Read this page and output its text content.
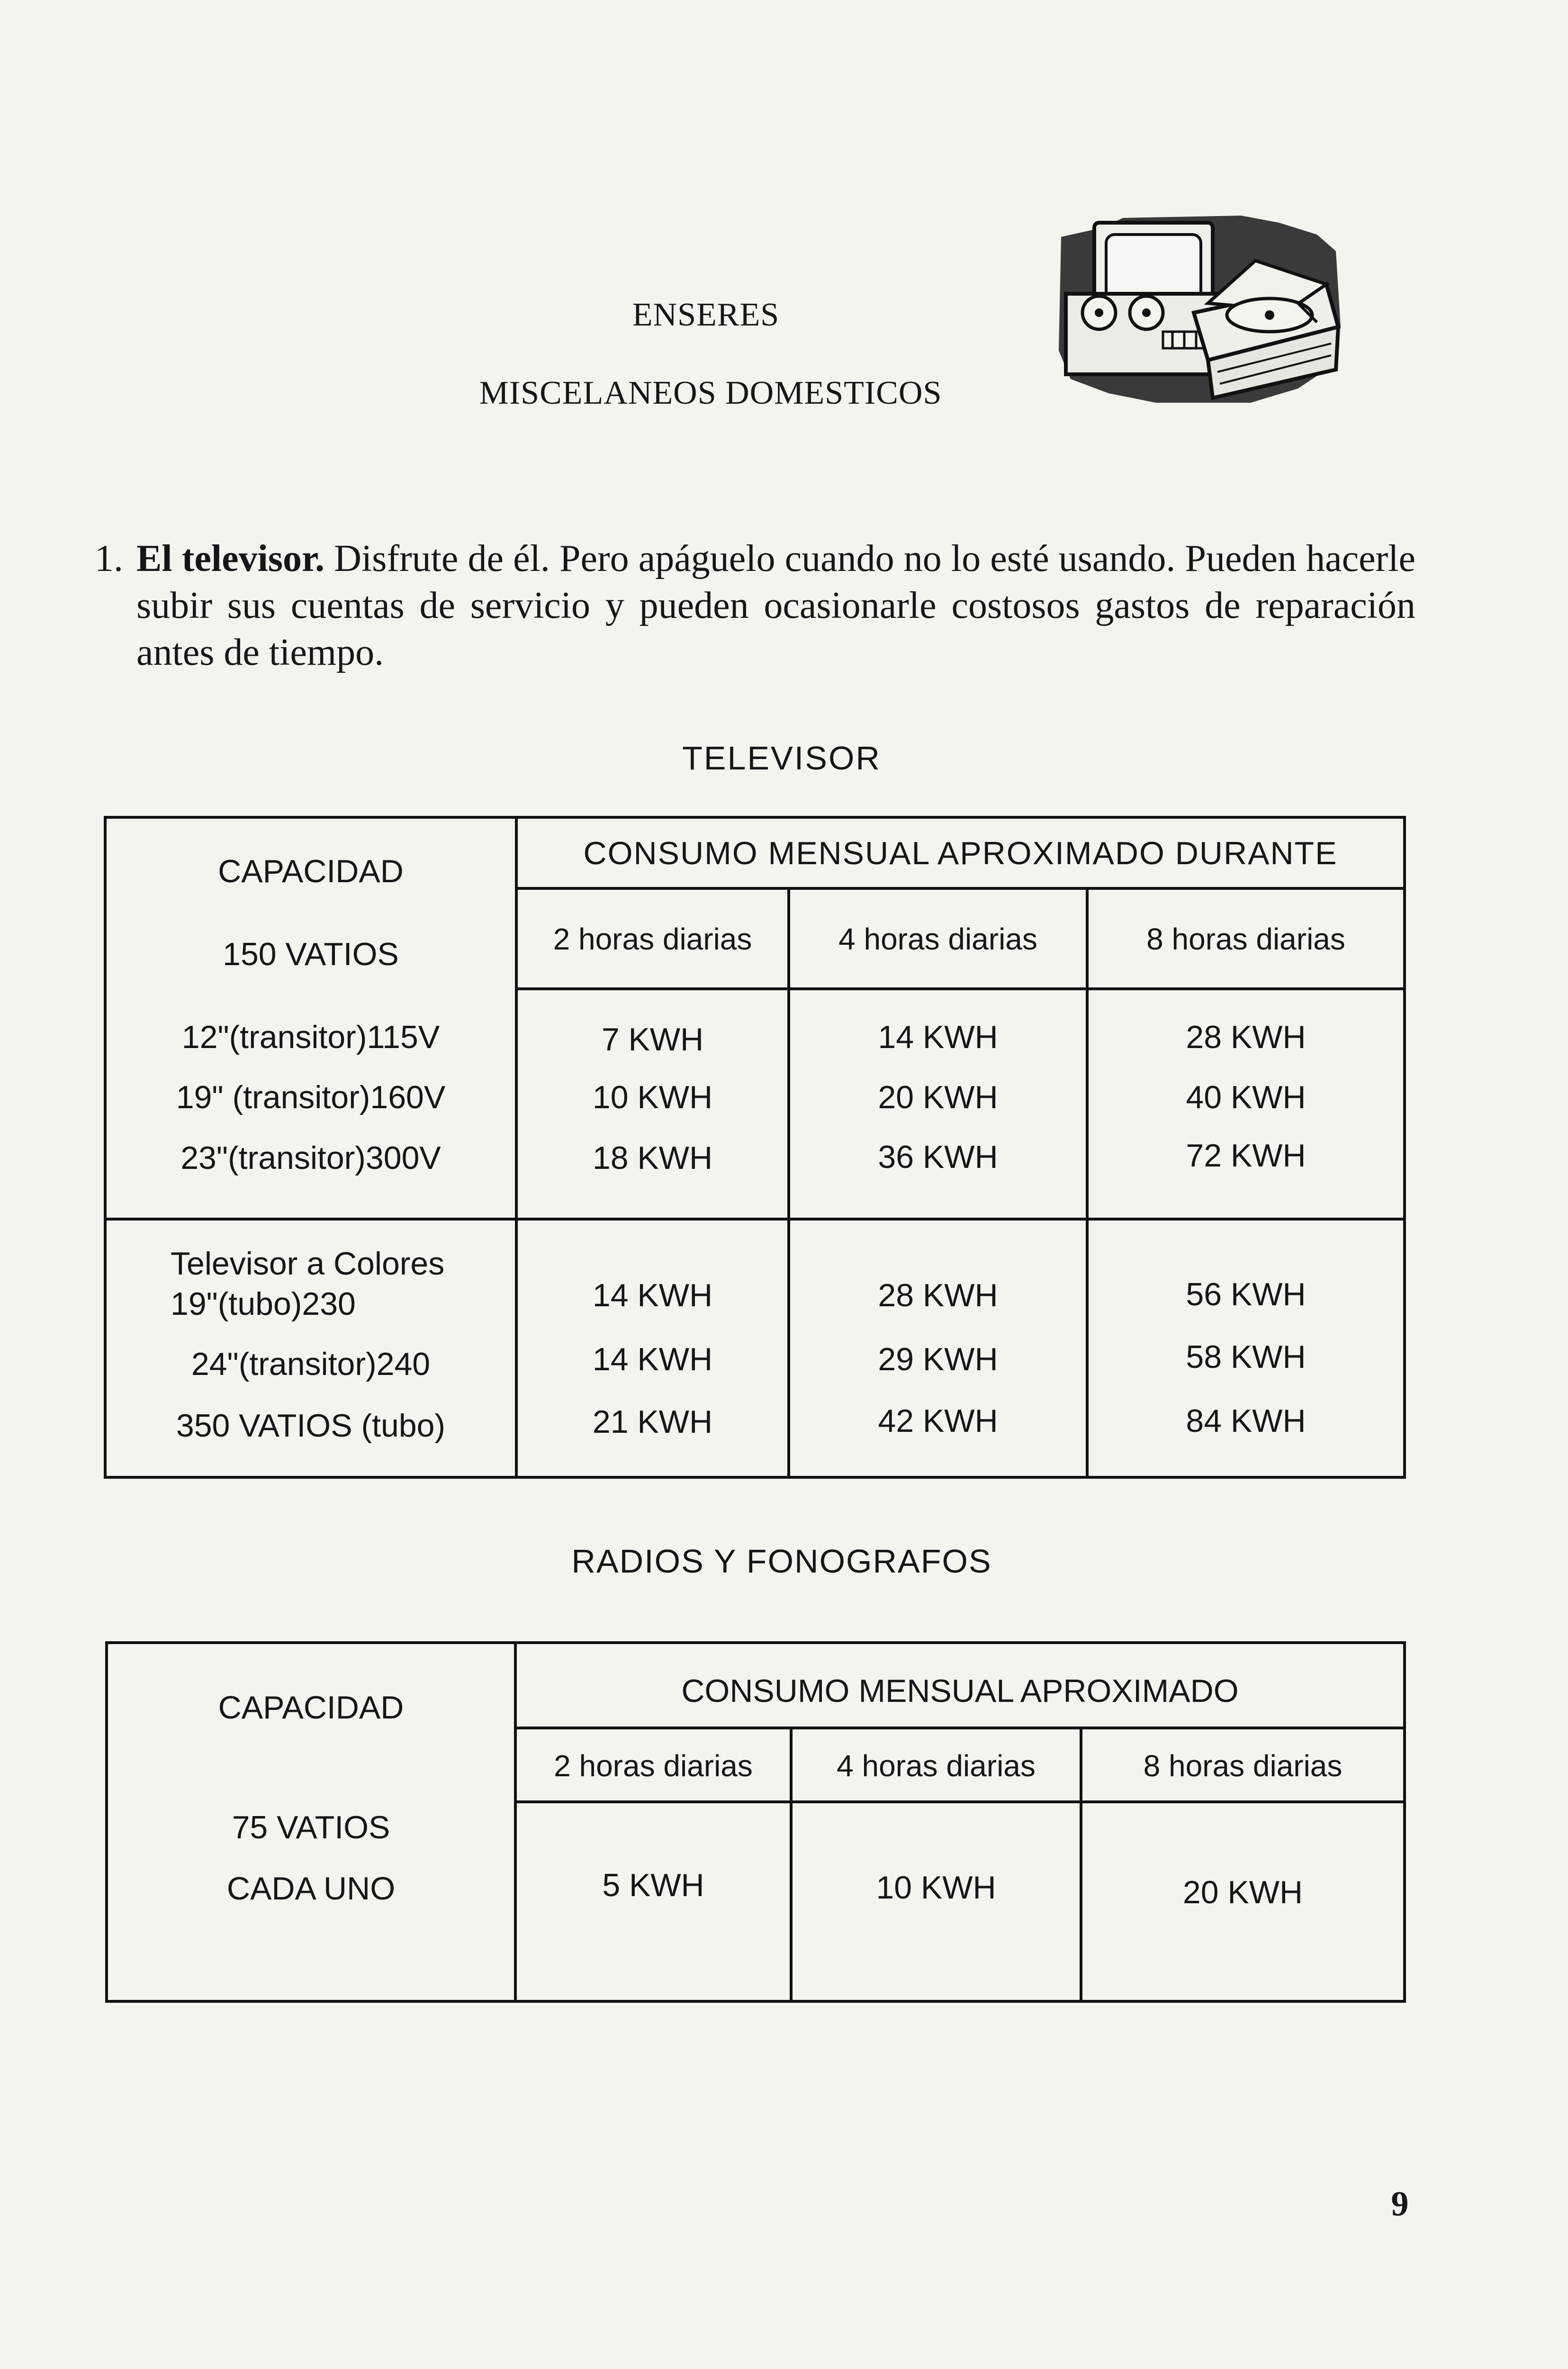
ENSERES
MISCELANEOS DOMESTICOS
1. El televisor. Disfrute de él. Pero apáguelo cuando no lo esté usando. Pueden hacerle subir sus cuentas de servicio y pueden ocasionarle costosos gastos de reparación antes de tiempo.
TELEVISOR
CAPACIDAD
150 VATIOS
CONSUMO MENSUAL APROXIMADO DURANTE
2 horas diarias	4 horas diarias	8 horas diarias
12"(transitor)115V	7 KWH	14 KWH	28 KWH
19" (transitor)160V	10 KWH	20 KWH	40 KWH
23"(transitor)300V	18 KWH	36 KWH	72 KWH
Televisor a Colores
19"(tubo)230	14 KWH	28 KWH	56 KWH
24"(transitor)240	14 KWH	29 KWH	58 KWH
350 VATIOS (tubo)	21 KWH	42 KWH	84 KWH
RADIOS Y FONOGRAFOS
CAPACIDAD
75 VATIOS
CADA UNO
CONSUMO MENSUAL APROXIMADO
2 horas diarias	4 horas diarias	8 horas diarias
5 KWH	10 KWH	20 KWH
9
